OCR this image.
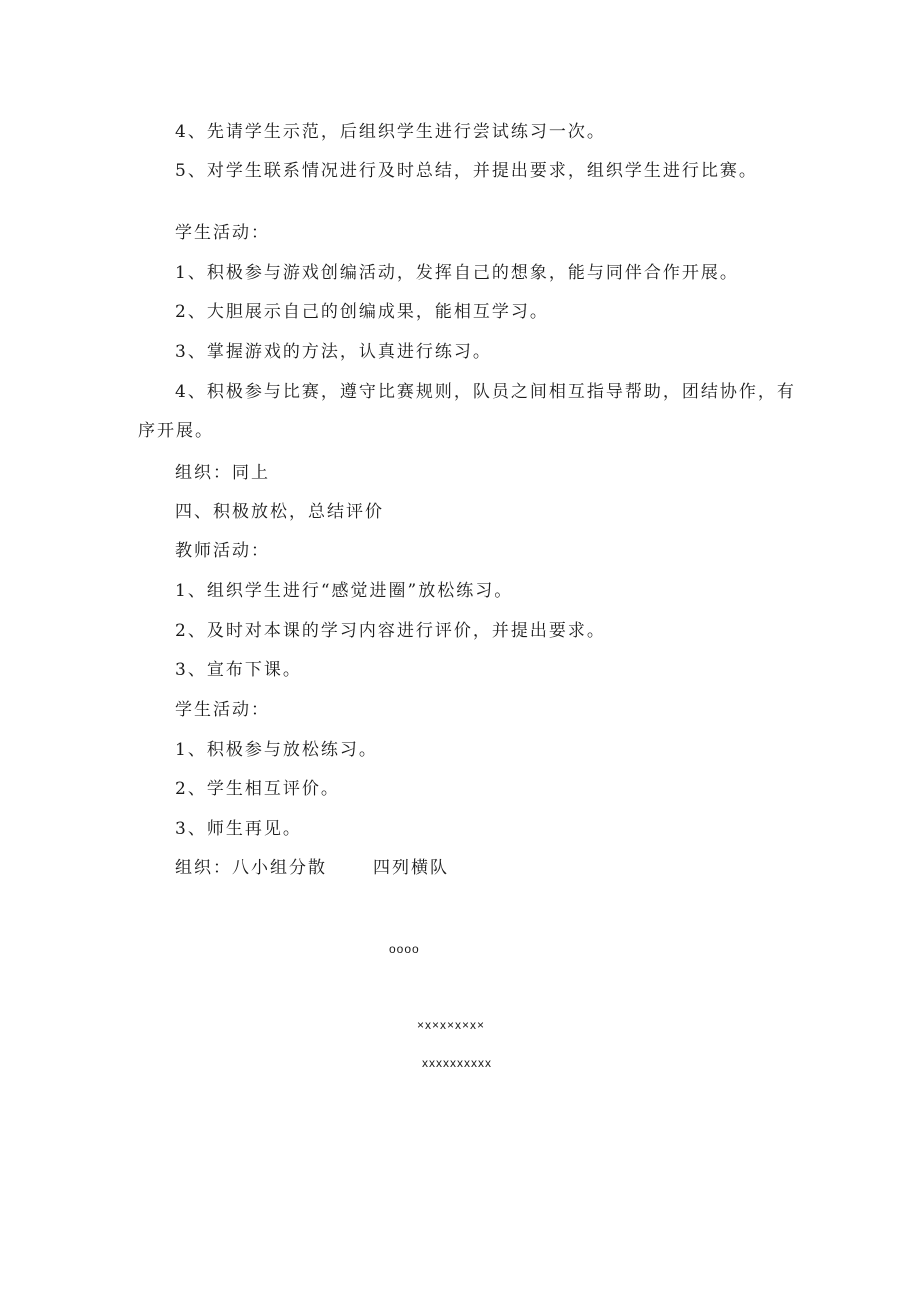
4、先请学生示范，后组织学生进行尝试练习一次。
5、对学生联系情况进行及时总结，并提出要求，组织学生进行比赛。
学生活动：
1、积极参与游戏创编活动，发挥自己的想象，能与同伴合作开展。
2、大胆展示自己的创编成果，能相互学习。
3、掌握游戏的方法，认真进行练习。
4、积极参与比赛，遵守比赛规则，队员之间相互指导帮助，团结协作，有
序开展。
组织：同上
四、积极放松，总结评价
教师活动：
1、组织学生进行“感觉进圈”放松练习。
2、及时对本课的学习内容进行评价，并提出要求。
3、宣布下课。
学生活动：
1、积极参与放松练习。
2、学生相互评价。
3、师生再见。
组织：八小组分散	四列横队
oooo
×x×x×x×x×
xxxxxxxxxx
